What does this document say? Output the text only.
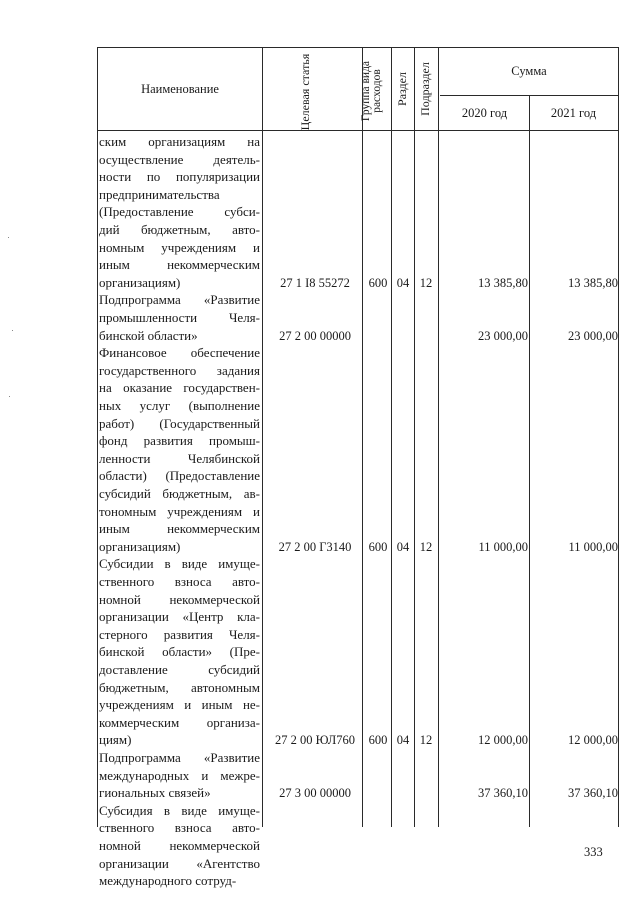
Наименование	Целевая статья	Группа вида расходов	Раздел Подраздел	Сумма
2020 год	2021 год
ским организациям на
осуществление деятель-
ности по популяризации
предпринимательства
(Предоставление субси-
дий бюджетным, авто-
номным учреждениям и
иным некоммерческим
организациям)	27 1 I8 55272	600 04 12	13 385,80	13 385,80
Подпрограмма «Развитие
промышленности Челя-
бинской области»	27 2 00 00000	23 000,00	23 000,00
Финансовое обеспечение
государственного задания
на оказание государствен-
ных услуг (выполнение
работ) (Государственный
фонд развития промыш-
ленности Челябинской
области) (Предоставление
субсидий бюджетным, ав-
тономным учреждениям и
иным некоммерческим
организациям)	27 2 00 Г3140	600 04 12	11 000,00	11 000,00
Субсидии в виде имуще-
ственного взноса авто-
номной некоммерческой
организации «Центр кла-
стерного развития Челя-
бинской области» (Пре-
доставление субсидий
бюджетным, автономным
учреждениям и иным не-
коммерческим организа-
циям)	27 2 00 ЮЛ760	600 04 12	12 000,00	12 000,00
Подпрограмма «Развитие
международных и межре-
гиональных связей»	27 3 00 00000	37 360,10	37 360,10
Субсидия в виде имуще-
ственного взноса авто-
номной некоммерческой
организации «Агентство
международного сотруд-
333
